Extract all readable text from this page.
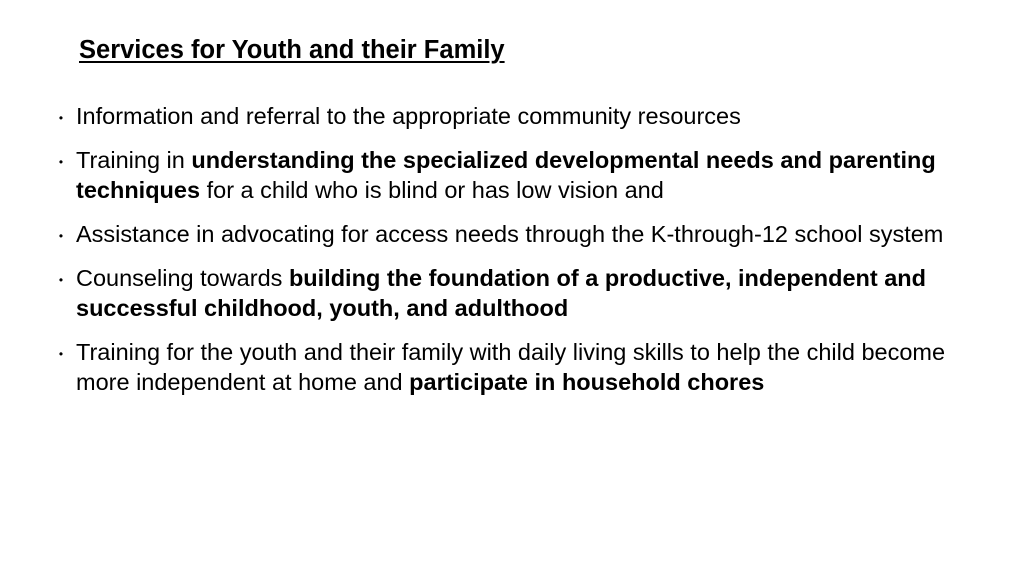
Services for Youth and their Family
• Information and referral to the appropriate community resources
• Training in understanding the specialized developmental needs and parenting techniques for a child who is blind or has low vision and
• Assistance in advocating for access needs through the K-through-12 school system
• Counseling towards building the foundation of a productive, independent and successful childhood, youth, and adulthood
• Training for the youth and their family with daily living skills to help the child become more independent at home and participate in household chores
